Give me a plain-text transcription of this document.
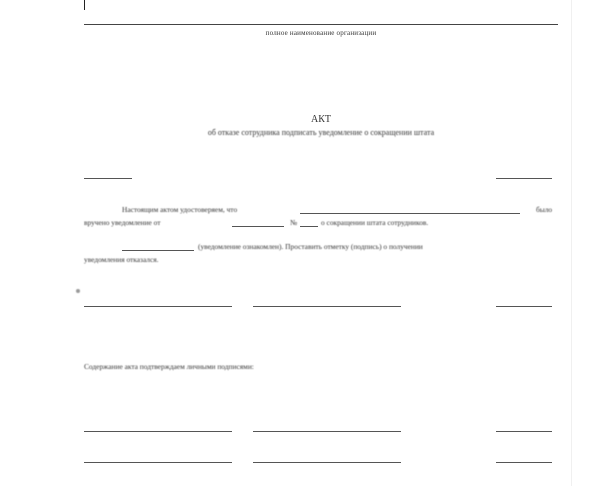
полное наименование организации
АКТ
об отказе сотрудника подписать уведомление о сокращении штата
Настоящим актом удостоверяем, что	было
вручено уведомление от	№	о сокращении штата сотрудников.
(уведомление ознакомлен). Проставить отметку (подпись) о получении
уведомления отказался.
Содержание акта подтверждаем личными подписями:
